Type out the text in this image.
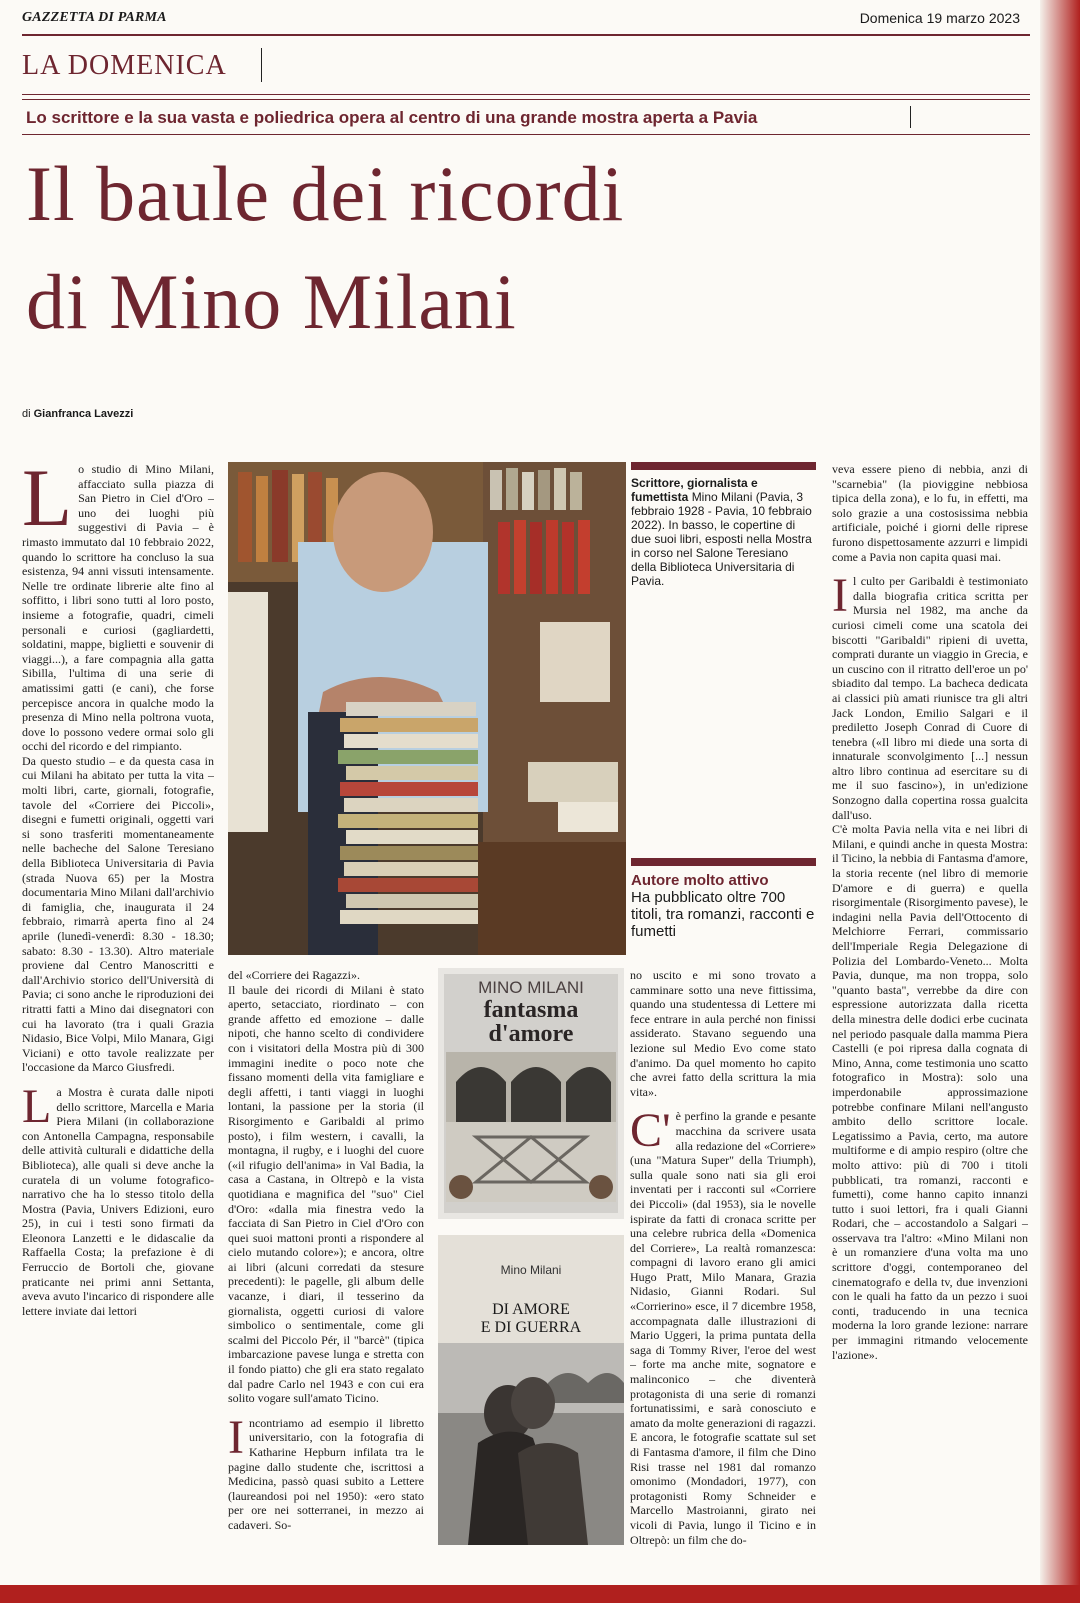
GAZZETTA DI PARMA	Domenica 19 marzo 2023
LA DOMENICA
Lo scrittore e la sua vasta e poliedrica opera al centro di una grande mostra aperta a Pavia
Il baule dei ricordi
di Mino Milani
di Gianfranca Lavezzi

Lo studio di Mino Milani, affacciato sulla piazza di San Pietro in Ciel d'Oro – uno dei luoghi più suggestivi di Pavia – è rimasto immutato dal 10 febbraio 2022, quando lo scrittore ha concluso la sua esistenza, 94 anni vissuti intensamente. Nelle tre ordinate librerie alte fino al soffitto, i libri sono tutti al loro posto, insieme a fotografie, quadri, cimeli personali e curiosi (gagliardetti, soldatini, mappe, biglietti e souvenir di viaggi...), a fare compagnia alla gatta Sibilla, l'ultima di una serie di amatissimi gatti (e cani), che forse percepisce ancora in qualche modo la presenza di Mino nella poltrona vuota, dove lo possono vedere ormai solo gli occhi del ricordo e del rimpianto.

Da questo studio – e da questa casa in cui Milani ha abitato per tutta la vita – molti libri, carte, giornali, fotografie, tavole del «Corriere dei Piccoli», disegni e fumetti originali, oggetti vari si sono trasferiti momentaneamente nelle bacheche del Salone Teresiano della Biblioteca Universitaria di Pavia (strada Nuova 65) per la Mostra documentaria Mino Milani dall'archivio di famiglia, che, inaugurata il 24 febbraio, rimarrà aperta fino al 24 aprile (lunedì-venerdì: 8.30 - 18.30; sabato: 8.30 - 13.30). Altro materiale proviene dal Centro Manoscritti e dall'Archivio storico dell'Università di Pavia; ci sono anche le riproduzioni dei ritratti fatti a Mino dai disegnatori con cui ha lavorato (tra i quali Grazia Nidasio, Bice Volpi, Milo Manara, Gigi Viciani) e otto tavole realizzate per l'occasione da Marco Giusfredi.

La Mostra è curata dalle nipoti dello scrittore, Marcella e Maria Piera Milani (in collaborazione con Antonella Campagna, responsabile delle attività culturali e didattiche della Biblioteca), alle quali si deve anche la curatela di un volume fotografico-narrativo che ha lo stesso titolo della Mostra (Pavia, Univers Edizioni, euro 25), in cui i testi sono firmati da Eleonora Lanzetti e le didascalie da Raffaella Costa; la prefazione è di Ferruccio de Bortoli che, giovane praticante nei primi anni Settanta, aveva avuto l'incarico di rispondere alle lettere inviate dai lettori

Scrittore, giornalista e fumettista Mino Milani (Pavia, 3 febbraio 1928 - Pavia, 10 febbraio 2022). In basso, le copertine di due suoi libri, esposti nella Mostra in corso nel Salone Teresiano della Biblioteca Universitaria di Pavia.
Autore molto attivo
Ha pubblicato oltre 700 titoli, tra romanzi, racconti e fumetti

del «Corriere dei Ragazzi».

Il baule dei ricordi di Milani è stato aperto, setacciato, riordinato – con grande affetto ed emozione – dalle nipoti, che hanno scelto di condividere con i visitatori della Mostra più di 300 immagini inedite o poco note che fissano momenti della vita famigliare e degli affetti, i tanti viaggi in luoghi lontani, la passione per la storia (il Risorgimento e Garibaldi al primo posto), i film western, i cavalli, la montagna, il rugby, e i luoghi del cuore («il rifugio dell'anima» in Val Badia, la casa a Castana, in Oltrepò e la vista quotidiana e magnifica del "suo" Ciel d'Oro: «dalla mia finestra vedo la facciata di San Pietro in Ciel d'Oro con quei suoi mattoni pronti a rispondere al cielo mutando colore»); e ancora, oltre ai libri (alcuni corredati da stesure precedenti): le pagelle, gli album delle vacanze, i diari, il tesserino da giornalista, oggetti curiosi di valore simbolico o sentimentale, come gli scalmi del Piccolo Pér, il "barcè" (tipica imbarcazione pavese lunga e stretta con il fondo piatto) che gli era stato regalato dal padre Carlo nel 1943 e con cui era solito vogare sull'amato Ticino.

Incontriamo ad esempio il libretto universitario, con la fotografia di Katharine Hepburn infilata tra le pagine dallo studente che, iscrittosi a Medicina, passò quasi subito a Lettere (laureandosi poi nel 1950): «ero stato per ore nei sotterranei, in mezzo ai cadaveri. So-

MINO MILANI
fantasma
d'amore
Mino Milani
DI AMORE
E DI GUERRA

no uscito e mi sono trovato a camminare sotto una neve fittissima, quando una studentessa di Lettere mi fece entrare in aula perché non finissi assiderato. Stavano seguendo una lezione sul Medio Evo come stato d'animo. Da quel momento ho capito che avrei fatto della scrittura la mia vita».

C' è perfino la grande e pesante macchina da scrivere usata alla redazione del «Corriere» (una "Matura Super" della Triumph), sulla quale sono nati sia gli eroi inventati per i racconti sul «Corriere dei Piccoli» (dal 1953), sia le novelle ispirate da fatti di cronaca scritte per una celebre rubrica della «Domenica del Corriere», La realtà romanzesca: compagni di lavoro erano gli amici Hugo Pratt, Milo Manara, Grazia Nidasio, Gianni Rodari. Sul «Corrierino» esce, il 7 dicembre 1958, accompagnata dalle illustrazioni di Mario Uggeri, la prima puntata della saga di Tommy River, l'eroe del west – forte ma anche mite, sognatore e malinconico – che diventerà protagonista di una serie di romanzi fortunatissimi, e sarà conosciuto e amato da molte generazioni di ragazzi.

E ancora, le fotografie scattate sul set di Fantasma d'amore, il film che Dino Risi trasse nel 1981 dal romanzo omonimo (Mondadori, 1977), con protagonisti Romy Schneider e Marcello Mastroianni, girato nei vicoli di Pavia, lungo il Ticino e in Oltrepò: un film che do-

veva essere pieno di nebbia, anzi di "scarnebia" (la pioviggine nebbiosa tipica della zona), e lo fu, in effetti, ma solo grazie a una costosissima nebbia artificiale, poiché i giorni delle riprese furono dispettosamente azzurri e limpidi come a Pavia non capita quasi mai.

Il culto per Garibaldi è testimoniato dalla biografia critica scritta per Mursia nel 1982, ma anche da curiosi cimeli come una scatola dei biscotti "Garibaldi" ripieni di uvetta, comprati durante un viaggio in Grecia, e un cuscino con il ritratto dell'eroe un po' sbiadito dal tempo. La bacheca dedicata ai classici più amati riunisce tra gli altri Jack London, Emilio Salgari e il prediletto Joseph Conrad di Cuore di tenebra («Il libro mi diede una sorta di innaturale sconvolgimento [...] nessun altro libro continua ad esercitare su di me il suo fascino»), in un'edizione Sonzogno dalla copertina rossa gualcita dall'uso.

C'è molta Pavia nella vita e nei libri di Milani, e quindi anche in questa Mostra: il Ticino, la nebbia di Fantasma d'amore, la storia recente (nel libro di memorie D'amore e di guerra) e quella risorgimentale (Risorgimento pavese), le indagini nella Pavia dell'Ottocento di Melchiorre Ferrari, commissario dell'Imperiale Regia Delegazione di Polizia del Lombardo-Veneto... Molta Pavia, dunque, ma non troppa, solo "quanto basta", verrebbe da dire con espressione autorizzata dalla ricetta della minestra delle dodici erbe cucinata nel periodo pasquale dalla mamma Piera Castelli (e poi ripresa dalla cognata di Mino, Anna, come testimonia uno scatto fotografico in Mostra): solo una imperdonabile approssimazione potrebbe confinare Milani nell'angusto ambito dello scrittore locale. Legatissimo a Pavia, certo, ma autore multiforme e di ampio respiro (oltre che molto attivo: più di 700 i titoli pubblicati, tra romanzi, racconti e fumetti), come hanno capito innanzi tutto i suoi lettori, fra i quali Gianni Rodari, che – accostandolo a Salgari – osservava tra l'altro: «Mino Milani non è un romanziere d'una volta ma uno scrittore d'oggi, contemporaneo del cinematografo e della tv, due invenzioni con le quali ha fatto da un pezzo i suoi conti, traducendo in una tecnica moderna la loro grande lezione: narrare per immagini ritmando velocemente l'azione».
